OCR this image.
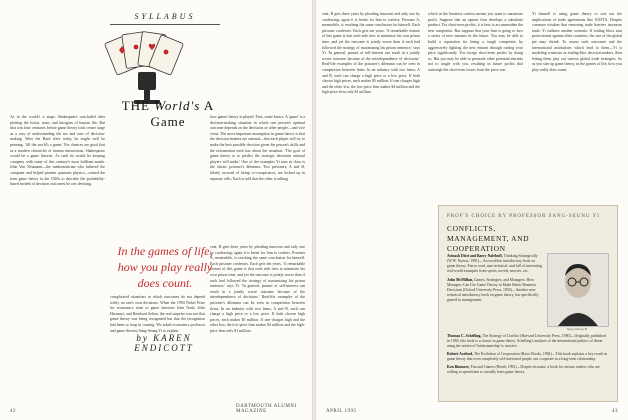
SYLLABUS
THE World's A Game

As in the world's a stage, Shakespeare concluded after plotting the twists, turns, and intrigues of human life. But that was four centuries before game theory took center stage as a way of understanding the ins and outs of decision-making. Were the Bard alive today, he might well be penning: 'All the world's a game.' For chances are good that as a modern chronicler of human interactions, Shakespeare would be a game theorist. As such he would be keeping company with some of this century's most brilliant minds. John Von Neumann—the mathematician who fathered the computer and helped pioneer quantum physics—coined the term game theory in the 1920s to describe the probability-based models of decision outcomes he was devising.

how gamer theory is played. First, some basics. A 'game' is a decision-making situation in which one person's optimal outcome depends on the decisions of other people—and vice versa. The most important assumption in game theory is that the decision-makers are rational—that each player will try to make the best possible decision given the person's skills and the information each has about the situation. 'The goal of game theory is to predict the strategic decisions rational players will make.' One of the examples Yi uses in class is the classic prisoner's dilemma: Two prisoners, A and B, falsely accused of being co-conspirators, are locked up in separate cells. Each is told that the other is talking.

In the games of life, how you play really does count.

complicated situations in which outcomes do not depend solely on one's own decisions. When the 1994 Nobel Prize for economics went to game theorists John Nash, John Harsanyi, and Reinhard Selten, the real surprise was not that game theory was being recognized but that the recognition had been so long in coming. We asked economics professor and game theorist Sang-Seung Yi to explain

by KAREN ENDICOTT

cent, B gets three years by pleading innocent and only one by confessing; again it is better for him to confess. Prisoner A, meanwhile, is reaching the same conclusion for himself. Each prisoner confesses. Each gets ten years. 'A remarkable feature of this game is that each side tries to minimize his own prison time, and yet the outcome is jointly worse than if each had followed the strategy of maximizing his prison sentence,' says Yi. 'In general, pursuit of self-interest can result in a jointly worse outcome because of the interdependence of decisions.' Real-life examples of the prisoner's dilemma can be seen in competition between firms. In an industry with two firms, A and B, each can charge a high price or a low price. If both choose high prices, each makes $5 million. If one charges high and the other low, the low-price firm makes $4 million and the high-price firm only $1 million.

42
DARTMOUTH ALUMNI MAGAZINE

cent, B gets three years by pleading innocent and only one by confessing; again it is better for him to confess. Prisoner A, meanwhile, is reaching the same conclusion for himself. Each prisoner confesses. Each gets ten years. 'A remarkable feature of this game is that each side tries to minimize his own prison time, and yet the outcome is jointly worse than if each had followed the strategy of maximizing his prison sentence,' says Yi. 'In general, pursuit of self-interest can result in a jointly worse outcome because of the interdependence of decisions.' Real-life examples of the prisoner's dilemma can be seen in competition between firms. In an industry with two firms, A and B, each can charge a high price or a low price. If both choose high prices, each makes $5 million. If one charges high and the other low, the low-price firm makes $4 million and the high-price firm only $1 million.

which in the business context means you want to maximize profit. Suppose that an upstart firm develops a substitute product. For short-term profits, it is best to accommodate the new competitor. But suppose that your firm is going to face a series of new entrants in the future. You may be able to build a reputation for being a tough competitor by aggressively fighting the new entrant through cutting your price significantly. You forego short-term profits by doing so. But you may be able to persuade other potential entrants not to tangle with you, resulting in future profits that outweigh the short-term losses from the price war.

Yi himself is using game theory to sort out the implications of trade agreements like NAFTA. Despite common wisdom that removing trade barriers increases trade, Yi outlines another scenario: If trading blocs turn protectionist against other countries, the size of the global pie may shrink. To assess such outcomes and the international institutions which lead to them—Yi is modeling countries as trading-bloc decision-makers, then letting them play out various global trade strategies. So as you size up game theory, in the games of life, how you play really does count.

APRIL 1995	43
PROF'S CHOICE BY PROFESSOR SANG-SEUNG YI
CONFLICTS, MANAGEMENT, AND COOPERATION
Avinash Dixit and Barry Nalebuff, Thinking Strategically (W.W. Norton, 1991)—An excellent introductory book on game theory. Fun to read, non-technical, and full of interesting real-world examples from sports, novels, movies, etc.
John McMillan, Games, Strategies, and Managers: How Managers Can Use Game Theory to Make Better Business Decisions (Oxford University Press, 1992)—Another non-technical introductory book on game theory, but specifically geared to management.
Sang-Seung Yi
Thomas C. Schelling, The Strategy of Conflict (Harvard University Press, 1980)—Originally published in 1960, this book is a classic in game theory. Schelling's analysis of the international politics of threat using the notion of 'brinksmanship' is incisive.
Robert Axelrod, The Evolution of Cooperation (Basic Books, 1984)—This book explains a key result in game theory that even completely self-interested people can cooperate in a long-term relationship.
Ken Binmore, Fun and Games (Heath, 1992)—Despite its name, a book for serious readers who are willing to spend time to actually learn game theory.
